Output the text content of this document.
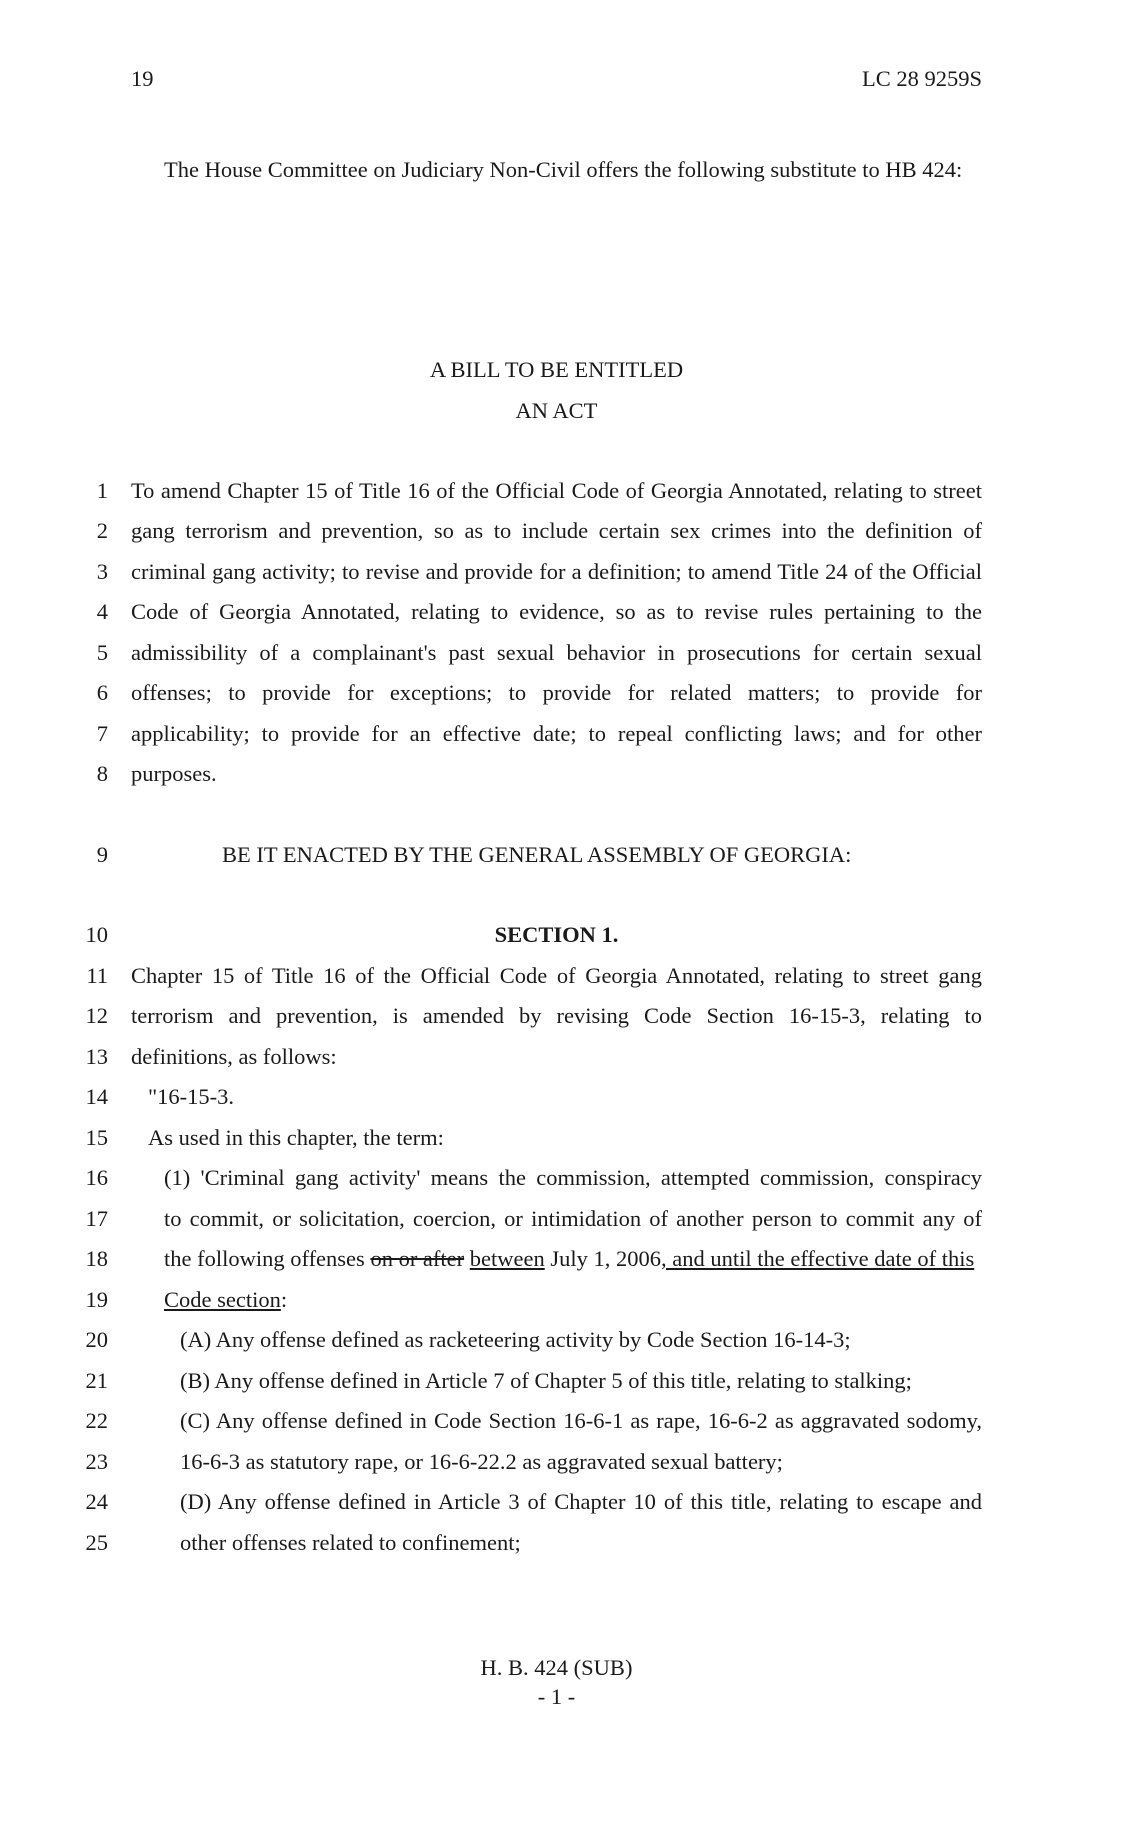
19	LC 28 9259S
The House Committee on Judiciary Non-Civil offers the following substitute to HB 424:
A BILL TO BE ENTITLED
AN ACT
1 To amend Chapter 15 of Title 16 of the Official Code of Georgia Annotated, relating to street
2 gang terrorism and prevention, so as to include certain sex crimes into the definition of
3 criminal gang activity; to revise and provide for a definition; to amend Title 24 of the Official
4 Code of Georgia Annotated, relating to evidence, so as to revise rules pertaining to the
5 admissibility of a complainant's past sexual behavior in prosecutions for certain sexual
6 offenses; to provide for exceptions; to provide for related matters; to provide for
7 applicability; to provide for an effective date; to repeal conflicting laws; and for other
8 purposes.
9	BE IT ENACTED BY THE GENERAL ASSEMBLY OF GEORGIA:
10	SECTION 1.
11 Chapter 15 of Title 16 of the Official Code of Georgia Annotated, relating to street gang
12 terrorism and prevention, is amended by revising Code Section 16-15-3, relating to
13 definitions, as follows:
14 "16-15-3.
15 As used in this chapter, the term:
16 (1) 'Criminal gang activity' means the commission, attempted commission, conspiracy
17 to commit, or solicitation, coercion, or intimidation of another person to commit any of
18 the following offenses on or after between July 1, 2006, and until the effective date of this
19 Code section:
20	(A) Any offense defined as racketeering activity by Code Section 16-14-3;
21	(B) Any offense defined in Article 7 of Chapter 5 of this title, relating to stalking;
22	(C) Any offense defined in Code Section 16-6-1 as rape, 16-6-2 as aggravated sodomy,
23	16-6-3 as statutory rape, or 16-6-22.2 as aggravated sexual battery;
24	(D) Any offense defined in Article 3 of Chapter 10 of this title, relating to escape and
25	other offenses related to confinement;
H. B. 424 (SUB)
- 1 -
